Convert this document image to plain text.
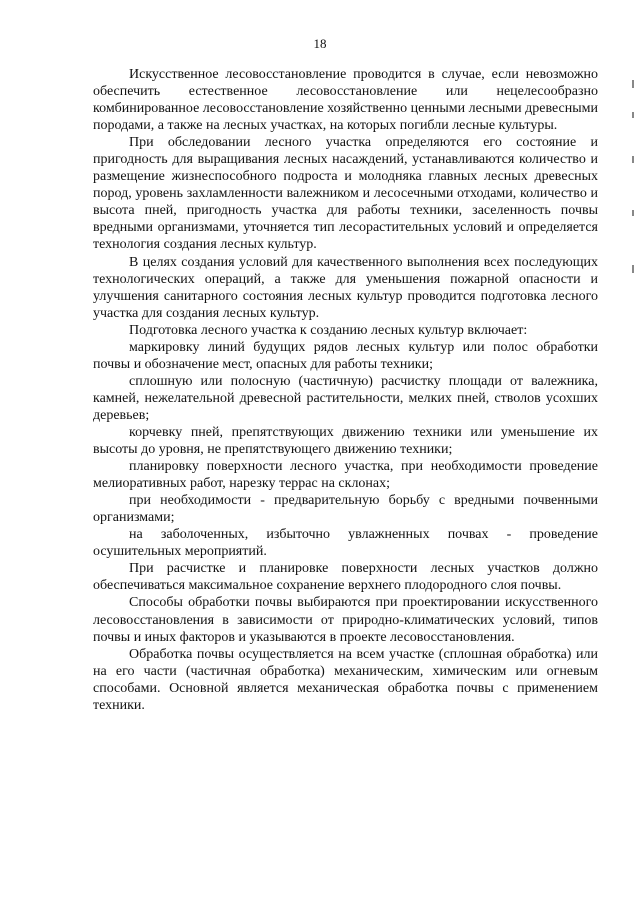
18

Искусственное лесовосстановление проводится в случае, если невозможно обеспечить естественное лесовосстановление или нецелесообразно комбинированное лесовосстановление хозяйственно ценными лесными древесными породами, а также на лесных участках, на которых погибли лесные культуры.

При обследовании лесного участка определяются его состояние и пригодность для выращивания лесных насаждений, устанавливаются количество и размещение жизнеспособного подроста и молодняка главных лесных древесных пород, уровень захламленности валежником и лесосечными отходами, количество и высота пней, пригодность участка для работы техники, заселенность почвы вредными организмами, уточняется тип лесорастительных условий и определяется технология создания лесных культур.

В целях создания условий для качественного выполнения всех последующих технологических операций, а также для уменьшения пожарной опасности и улучшения санитарного состояния лесных культур проводится подготовка лесного участка для создания лесных культур.

Подготовка лесного участка к созданию лесных культур включает:

маркировку линий будущих рядов лесных культур или полос обработки почвы и обозначение мест, опасных для работы техники;

сплошную или полосную (частичную) расчистку площади от валежника, камней, нежелательной древесной растительности, мелких пней, стволов усохших деревьев;

корчевку пней, препятствующих движению техники или уменьшение их высоты до уровня, не препятствующего движению техники;

планировку поверхности лесного участка, при необходимости проведение мелиоративных работ, нарезку террас на склонах;

при необходимости - предварительную борьбу с вредными почвенными организмами;

на заболоченных, избыточно увлажненных почвах - проведение осушительных мероприятий.

При расчистке и планировке поверхности лесных участков должно обеспечиваться максимальное сохранение верхнего плодородного слоя почвы.

Способы обработки почвы выбираются при проектировании искусственного лесовосстановления в зависимости от природно-климатических условий, типов почвы и иных факторов и указываются в проекте лесовосстановления.

Обработка почвы осуществляется на всем участке (сплошная обработка) или на его части (частичная обработка) механическим, химическим или огневым способами. Основной является механическая обработка почвы с применением техники.
